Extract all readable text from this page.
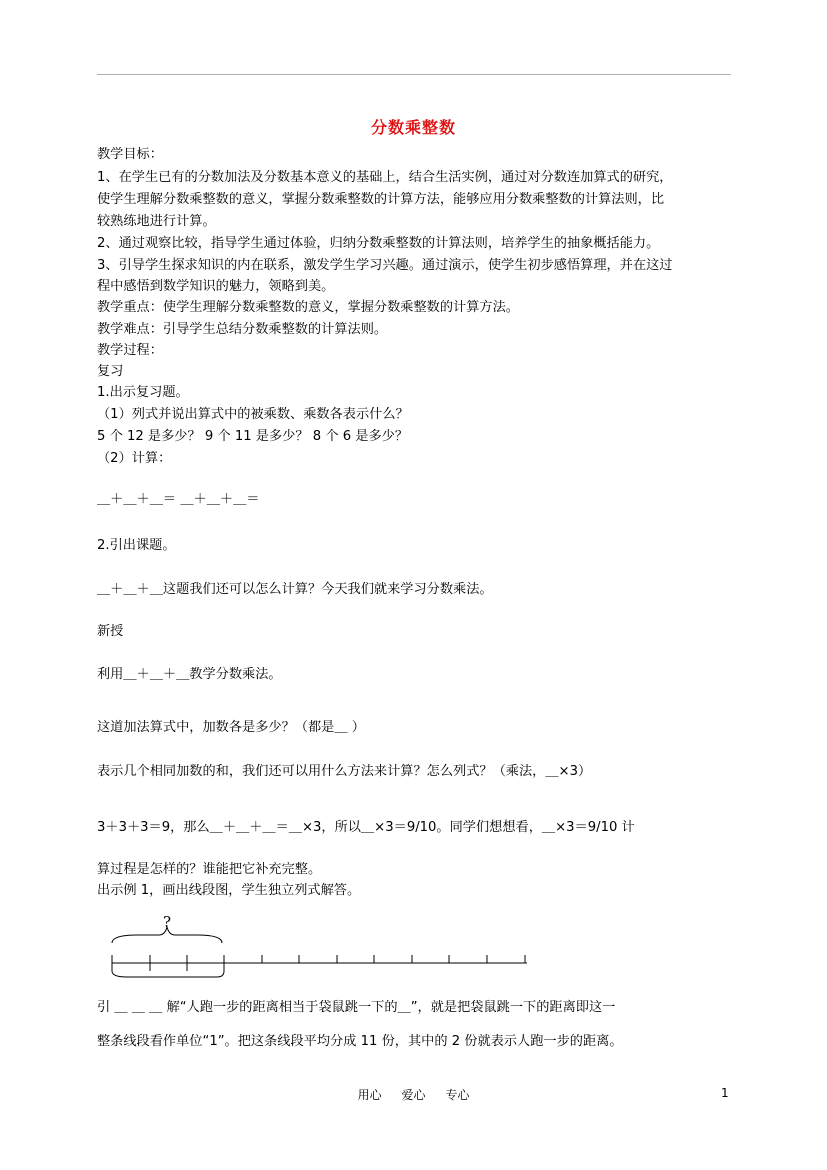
分数乘整数
教学目标：
1、在学生已有的分数加法及分数基本意义的基础上，结合生活实例，通过对分数连加算式的研究，
使学生理解分数乘整数的意义，掌握分数乘整数的计算方法，能够应用分数乘整数的计算法则，比
较熟练地进行计算。
2、通过观察比较，指导学生通过体验，归纳分数乘整数的计算法则，培养学生的抽象概括能力。
3、引导学生探求知识的内在联系，激发学生学习兴趣。通过演示，使学生初步感悟算理，并在这过
程中感悟到数学知识的魅力，领略到美。
教学重点：使学生理解分数乘整数的意义，掌握分数乘整数的计算方法。
教学难点：引导学生总结分数乘整数的计算法则。
教学过程：
复习
1.出示复习题。
（1）列式并说出算式中的被乘数、乘数各表示什么？
5 个 12 是多少？ 9 个 11 是多少？ 8 个 6 是多少？
（2）计算：
＿＋＿＋＿＝ ＿＋＿＋＿＝
2.引出课题。
＿＋＿＋＿这题我们还可以怎么计算？今天我们就来学习分数乘法。
新授
利用＿＋＿＋＿教学分数乘法。
这道加法算式中，加数各是多少？（都是＿ ）
表示几个相同加数的和，我们还可以用什么方法来计算？怎么列式？（乘法，＿×3）
3＋3＋3＝9，那么＿＋＿＋＿＝＿×3，所以＿×3＝9/10。同学们想想看，＿×3＝9/10 计
算过程是怎样的？谁能把它补充完整。
出示例 1，画出线段图，学生独立列式解答。
?
引 ＿ ＿ ＿ 解“人跑一步的距离相当于袋鼠跳一下的＿”，就是把袋鼠跳一下的距离即这一
整条线段看作单位“1”。把这条线段平均分成 11 份，其中的 2 份就表示人跑一步的距离。
用心 爱心 专心	1
